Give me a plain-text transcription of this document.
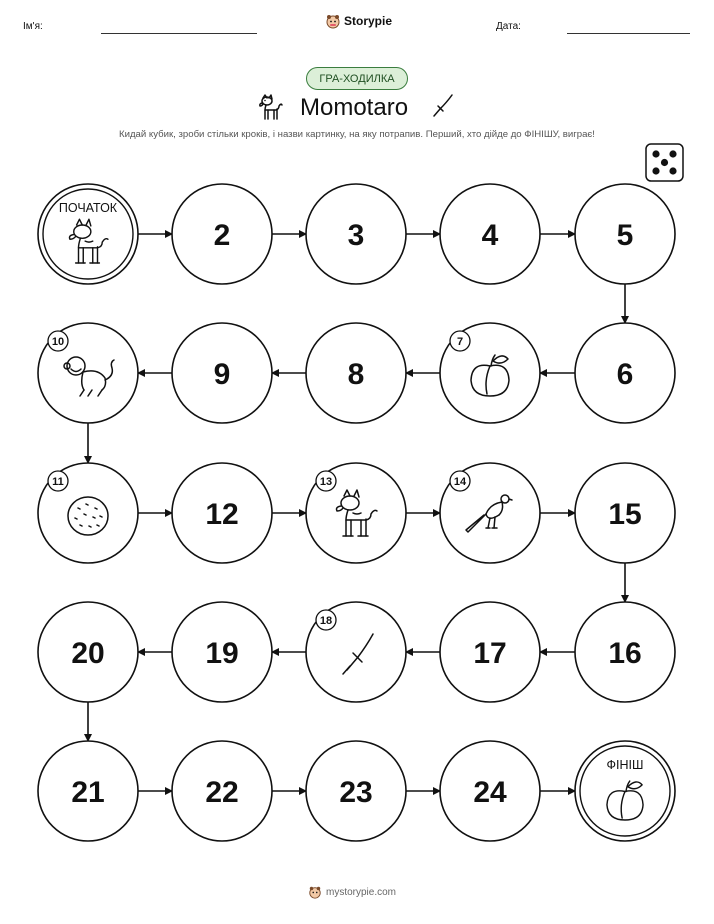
Ім'я:	Storypie	Дата:
ГРА-ХОДИЛКА
Momotaro
Кидай кубик, зроби стільки кроків, і назви картинку, на яку потрапив. Перший, хто дійде до ФІНІШУ, виграє!
ПОЧАТОК
2	3	4	5
6
7
8
9
10
11
12
13	14
15
16
17
18
19
20
21	22	23	24
ФІНІШ
mystorypie.com
